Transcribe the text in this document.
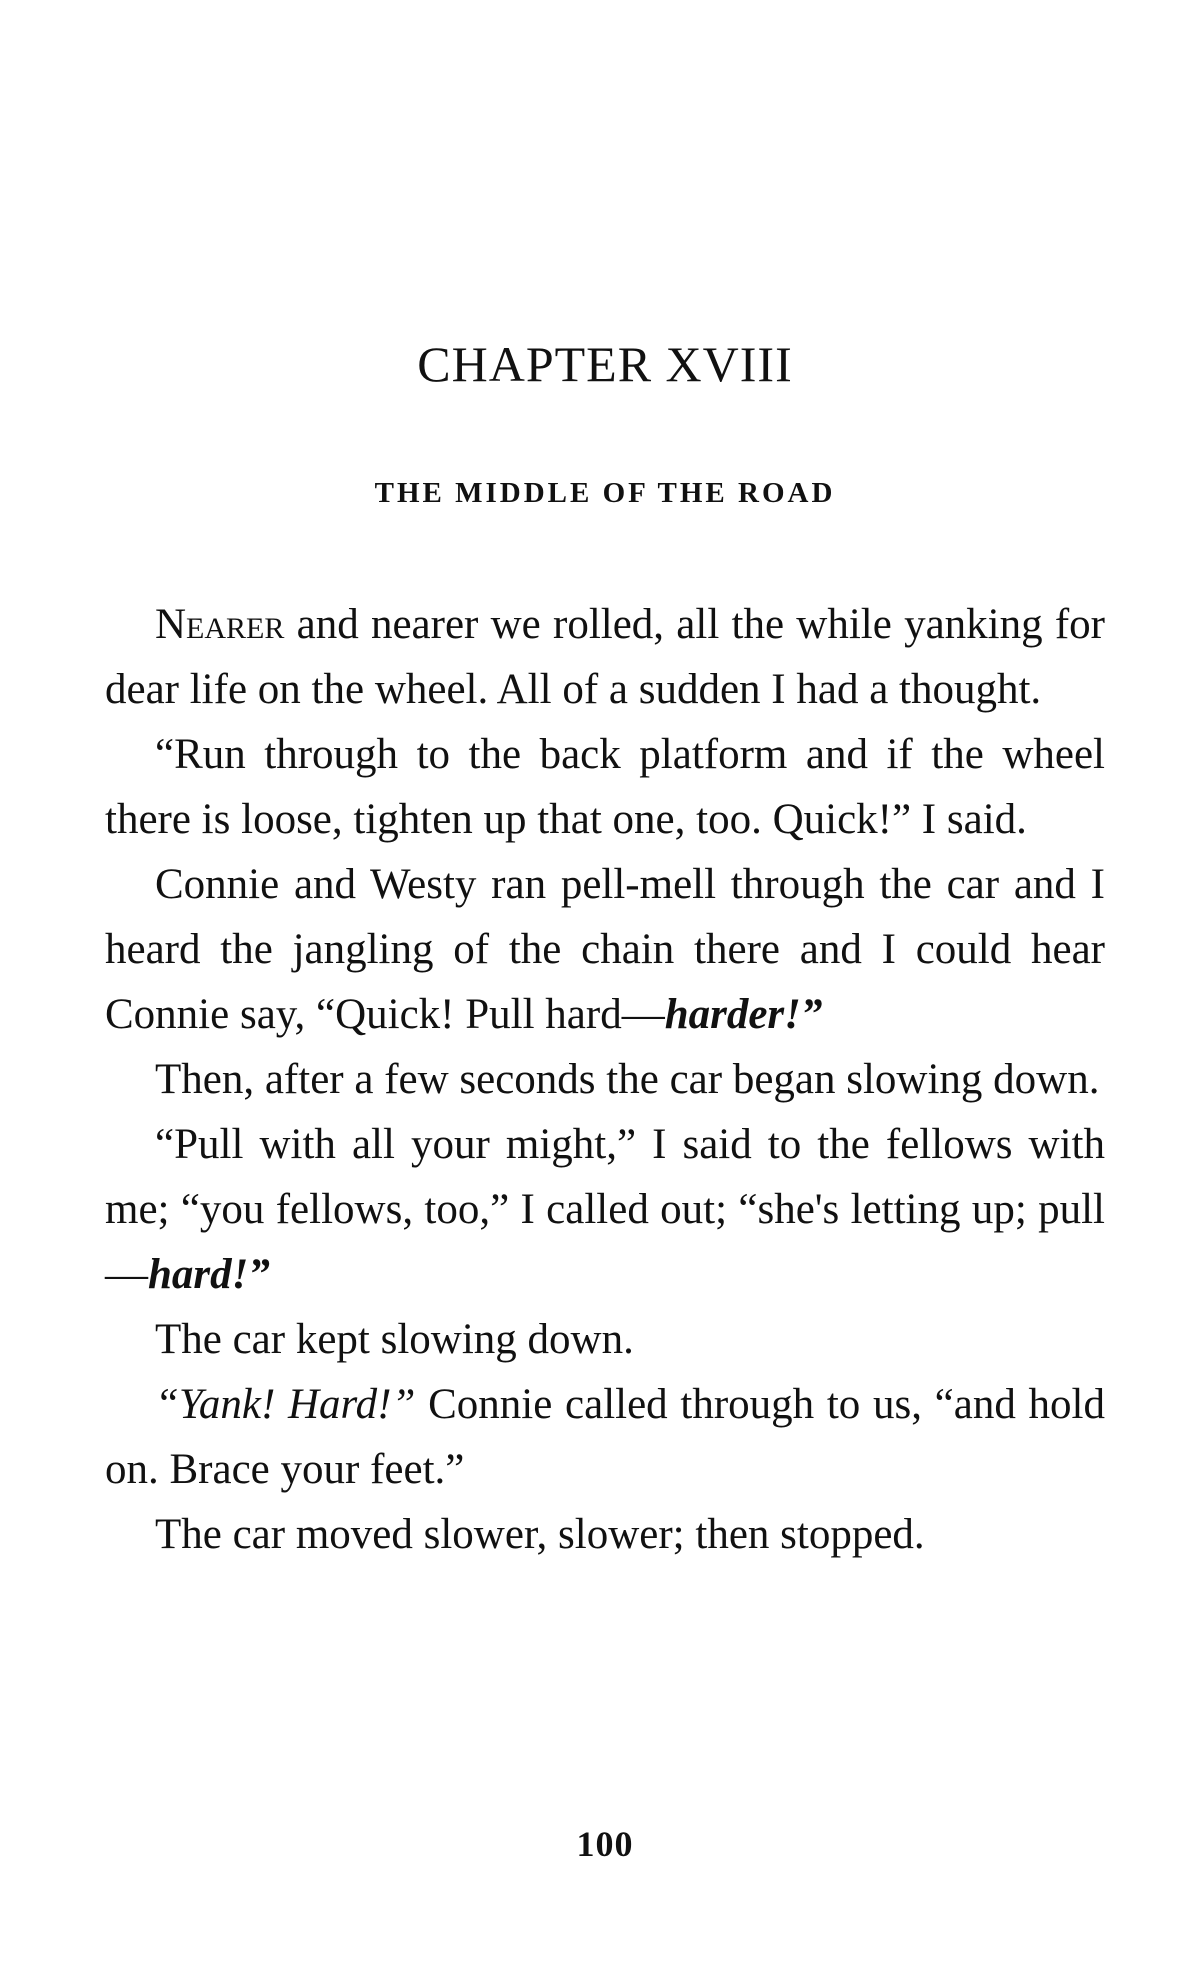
CHAPTER XVIII
THE MIDDLE OF THE ROAD

Nearer and nearer we rolled, all the while yanking for dear life on the wheel. All of a sudden I had a thought.

“Run through to the back platform and if the wheel there is loose, tighten up that one, too. Quick!” I said.

Connie and Westy ran pell-mell through the car and I heard the jangling of the chain there and I could hear Connie say, “Quick! Pull hard—harder!”

Then, after a few seconds the car began slowing down.

“Pull with all your might,” I said to the fellows with me; “you fellows, too,” I called out; “she's letting up; pull—hard!”

The car kept slowing down.

“Yank! Hard!” Connie called through to us, “and hold on. Brace your feet.”

The car moved slower, slower; then stopped.

100
